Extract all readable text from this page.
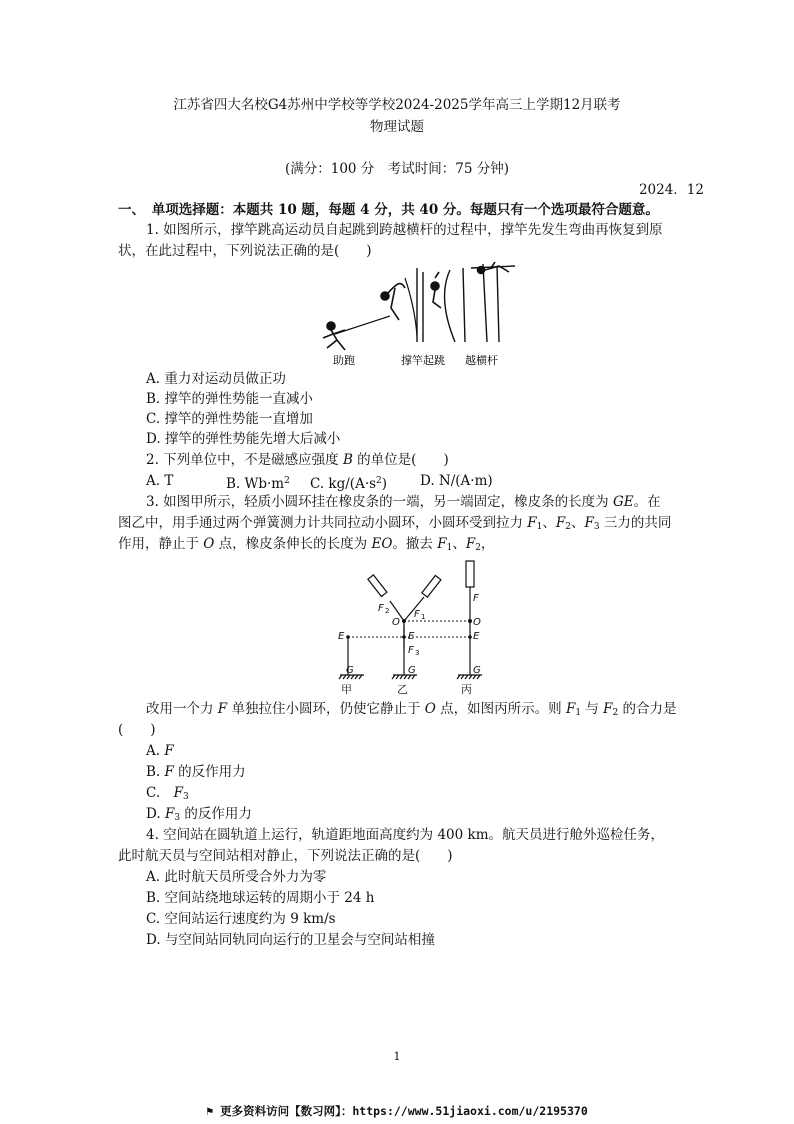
江苏省四大名校G4苏州中学校等学校2024-2025学年高三上学期12月联考
物理试题
(满分：100 分　考试时间：75 分钟)
2024．12
一、　单项选择题：本题共 10 题，每题 4 分，共 40 分。每题只有一个选项最符合题意。
1. 如图所示，撑竿跳高运动员自起跳到跨越横杆的过程中，撑竿先发生弯曲再恢复到原
状，在此过程中，下列说法正确的是(　　)
助跑	撑竿起跳 越横杆
A. 重力对运动员做正功
B. 撑竿的弹性势能一直减小
C. 撑竿的弹性势能一直增加
D. 撑竿的弹性势能先增大后减小
2. 下列单位中，不是磁感应强度 B 的单位是(　　)
A. T	B. $Wb\cdot m^2$ C. $kg/(A\cdot s^2)$ D. N/(A·m)
3. 如图甲所示，轻质小圆环挂在橡皮条的一端，另一端固定，橡皮条的长度为 GE。在
图乙中，用手通过两个弹簧测力计共同拉动小圆环，小圆环受到拉力 $F_1$、$F_2$、$F_3$ 三力的共同
作用，静止于 O 点，橡皮条伸长的长度为 EO。撤去 $F_1$、$F_2$，
E
G
E
O
G
F
F
F
E
O
F
G
2
1
3
甲	乙	丙
改用一个力 F 单独拉住小圆环，仍使它静止于 O 点，如图丙所示。则 $F_1$ 与 $F_2$ 的合力是
(　　)
A. F
B. F 的反作用力
C.　$F_3$
D. $F_3$ 的反作用力
4. 空间站在圆轨道上运行，轨道距地面高度约为 400 km。航天员进行舱外巡检任务，
此时航天员与空间站相对静止，下列说法正确的是(　　)
A. 此时航天员所受合外力为零
B. 空间站绕地球运转的周期小于 24 h
C. 空间站运行速度约为 9 km/s
D. 与空间站同轨同向运行的卫星会与空间站相撞
1
⚑ 更多资料访问【数习网】：https://www.51jiaoxi.com/u/2195370
